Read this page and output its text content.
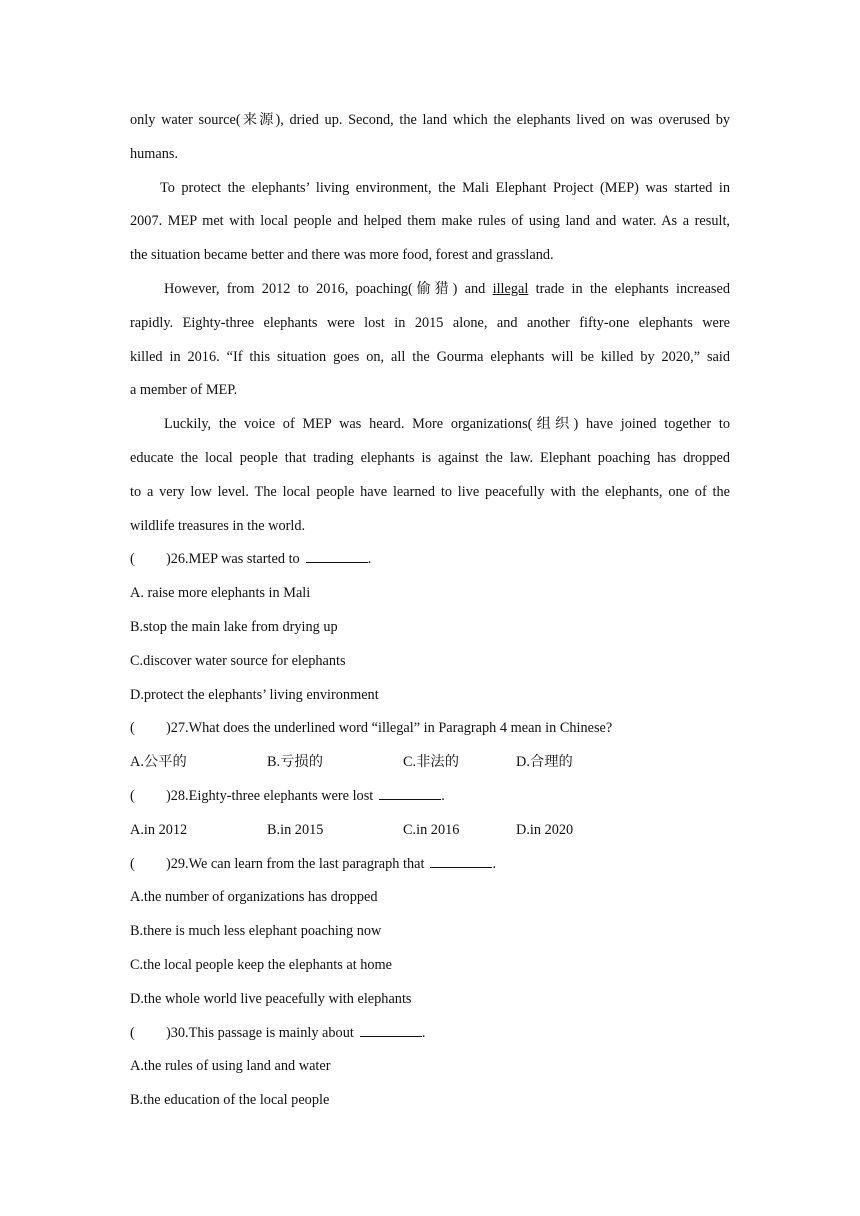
only water source(来源), dried up. Second, the land which the elephants lived on was overused by
humans.
To protect the elephants’ living environment, the Mali Elephant Project (MEP) was started in
2007. MEP met with local people and helped them make rules of using land and water. As a result,
the situation became better and there was more food, forest and grassland.
However, from 2012 to 2016, poaching(偷猎) and illegal trade in the elephants increased
rapidly. Eighty-three elephants were lost in 2015 alone, and another fifty-one elephants were
killed in 2016. “If this situation goes on, all the Gourma elephants will be killed by 2020,” said
a member of MEP.
Luckily, the voice of MEP was heard. More organizations(组织) have joined together to
educate the local people that trading elephants is against the law. Elephant poaching has dropped
to a very low level. The local people have learned to live peacefully with the elephants, one of the
wildlife treasures in the world.
( )26.MEP was started to	.
A. raise more elephants in Mali
B.stop the main lake from drying up
C.discover water source for elephants
D.protect the elephants’ living environment
( )27.What does the underlined word “illegal” in Paragraph 4 mean in Chinese?
A.公平的	B.亏损的	C.非法的	D.合理的
( )28.Eighty-three elephants were lost	.
A.in 2012	B.in 2015	C.in 2016	D.in 2020
( )29.We can learn from the last paragraph that	.
A.the number of organizations has dropped
B.there is much less elephant poaching now
C.the local people keep the elephants at home
D.the whole world live peacefully with elephants
( )30.This passage is mainly about	.
A.the rules of using land and water
B.the education of the local people
